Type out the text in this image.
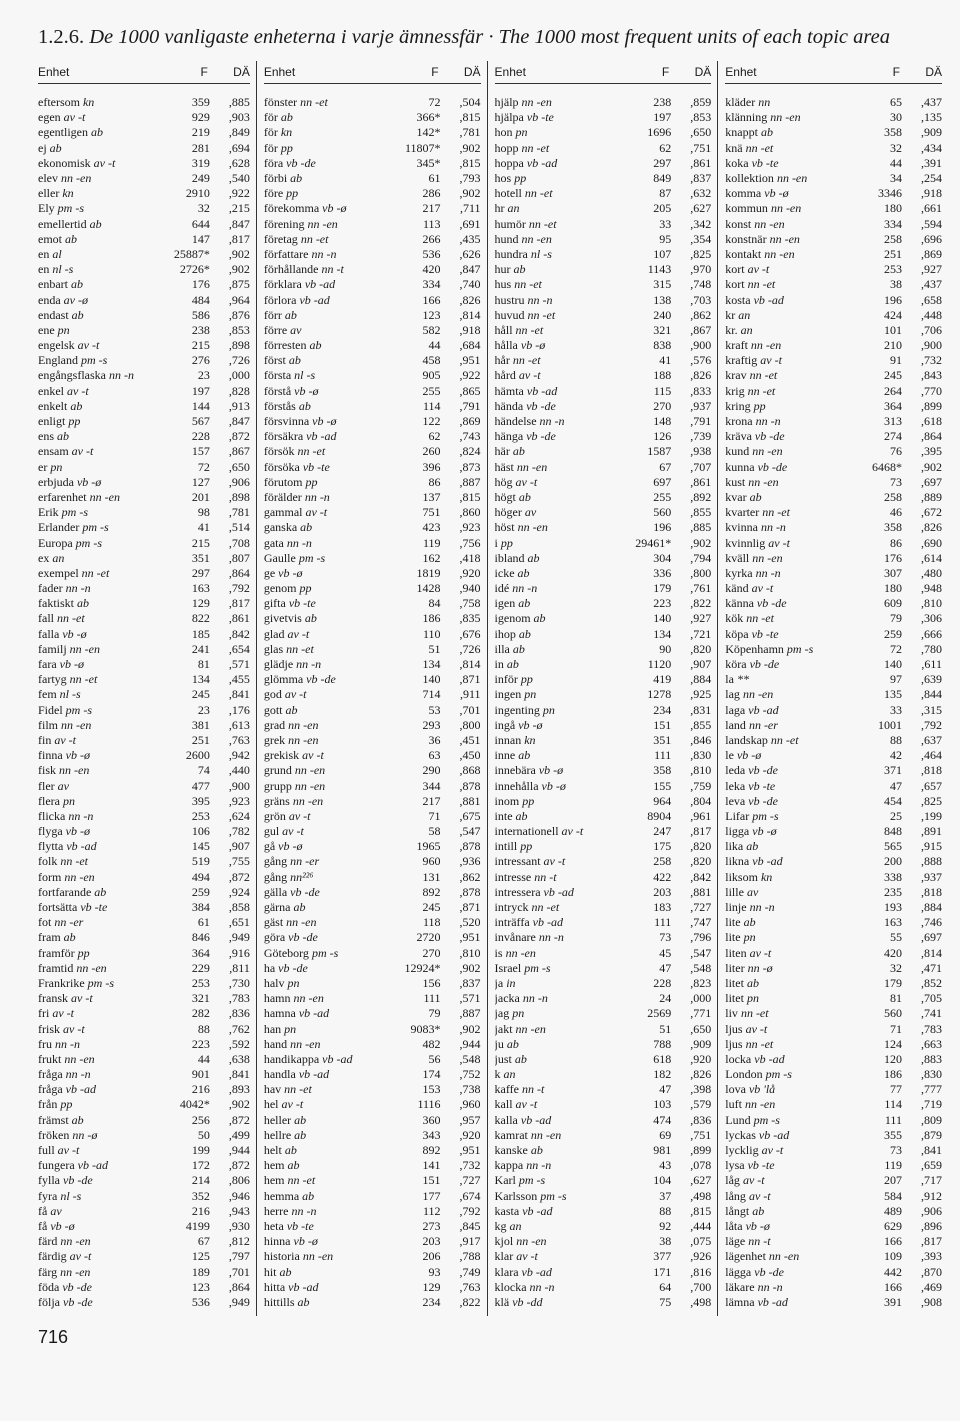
1.2.6. De 1000 vanligaste enheterna i varje ämnessfär · The 1000 most frequent units of each topic area
Enhet	F	DÄ
eftersom kn	359	,885
egen av -t	929	,903
egentligen ab	219	,849
ej ab	281	,694
ekonomisk av -t	319	,628
elev nn -en	249	,540
eller kn	2910	,922
Ely pm -s	32	,215
emellertid ab	644	,847
emot ab	147	,817
en al	25887*	,902
en nl -s	2726*	,902
enbart ab	176	,875
enda av -ø	484	,964
endast ab	586	,876
ene pn	238	,853
engelsk av -t	215	,898
England pm -s	276	,726
engångsflaska nn -n	23	,000
enkel av -t	197	,828
enkelt ab	144	,913
enligt pp	567	,847
ens ab	228	,872
ensam av -t	157	,867
er pn	72	,650
erbjuda vb -ø	127	,906
erfarenhet nn -en	201	,898
Erik pm -s	98	,781
Erlander pm -s	41	,514
Europa pm -s	215	,708
ex an	351	,807
exempel nn -et	297	,864
fader nn -n	163	,792
faktiskt ab	129	,817
fall nn -et	822	,861
falla vb -ø	185	,842
familj nn -en	241	,654
fara vb -ø	81	,571
fartyg nn -et	134	,455
fem nl -s	245	,841
Fidel pm -s	23	,176
film nn -en	381	,613
fin av -t	251	,763
finna vb -ø	2600	,942
fisk nn -en	74	,440
fler av	477	,900
flera pn	395	,923
flicka nn -n	253	,624
flyga vb -ø	106	,782
flytta vb -ad	145	,907
folk nn -et	519	,755
form nn -en	494	,872
fortfarande ab	259	,924
fortsätta vb -te	384	,858
fot nn -er	61	,651
fram ab	846	,949
framför pp	364	,916
framtid nn -en	229	,811
Frankrike pm -s	253	,730
fransk av -t	321	,783
fri av -t	282	,836
frisk av -t	88	,762
fru nn -n	223	,592
frukt nn -en	44	,638
fråga nn -n	901	,841
fråga vb -ad	216	,893
från pp	4042*	,902
främst ab	256	,872
fröken nn -ø	50	,499
full av -t	199	,944
fungera vb -ad	172	,872
fylla vb -de	214	,806
fyra nl -s	352	,946
få av	216	,943
få vb -ø	4199	,930
färd nn -en	67	,812
färdig av -t	125	,797
färg nn -en	189	,701
föda vb -de	123	,864
följa vb -de	536	,949
Enhet	F	DÄ
fönster nn -et	72	,504
för ab	366*	,815
för kn	142*	,781
för pp	11807*	,902
föra vb -de	345*	,815
förbi ab	61	,793
före pp	286	,902
förekomma vb -ø	217	,711
förening nn -en	113	,691
företag nn -et	266	,435
författare nn -n	536	,626
förhållande nn -t	420	,847
förklara vb -ad	334	,740
förlora vb -ad	166	,826
förr ab	123	,814
förre av	582	,918
förresten ab	44	,684
först ab	458	,951
första nl -s	905	,922
förstå vb -ø	255	,865
förstås ab	114	,791
försvinna vb -ø	122	,869
försäkra vb -ad	62	,743
försök nn -et	260	,824
försöka vb -te	396	,873
förutom pp	86	,887
förälder nn -n	137	,815
gammal av -t	751	,860
ganska ab	423	,923
gata nn -n	119	,756
Gaulle pm -s	162	,418
ge vb -ø	1819	,920
genom pp	1428	,940
gifta vb -te	84	,758
givetvis ab	186	,835
glad av -t	110	,676
glas nn -et	51	,726
glädje nn -n	134	,814
glömma vb -de	140	,871
god av -t	714	,911
gott ab	53	,701
grad nn -en	293	,800
grek nn -en	36	,451
grekisk av -t	63	,450
grund nn -en	290	,868
grupp nn -en	344	,878
gräns nn -en	217	,881
grön av -t	71	,675
gul av -t	58	,547
gå vb -ø	1965	,878
gång nn -er	960	,936
gång nn²²⁶	131	,862
gälla vb -de	892	,878
gärna ab	245	,871
gäst nn -en	118	,520
göra vb -de	2720	,951
Göteborg pm -s	270	,810
ha vb -de	12924*	,902
halv pn	156	,837
hamn nn -en	111	,571
hamna vb -ad	79	,887
han pn	9083*	,902
hand nn -en	482	,944
handikappa vb -ad	56	,548
handla vb -ad	174	,752
hav nn -et	153	,738
hel av -t	1116	,960
heller ab	360	,957
hellre ab	343	,920
helt ab	892	,951
hem ab	141	,732
hem nn -et	151	,727
hemma ab	177	,674
herre nn -n	112	,792
heta vb -te	273	,845
hinna vb -ø	203	,917
historia nn -en	206	,788
hit ab	93	,749
hitta vb -ad	129	,763
hittills ab	234	,822
Enhet	F	DÄ
hjälp nn -en	238	,859
hjälpa vb -te	197	,853
hon pn	1696	,650
hopp nn -et	62	,751
hoppa vb -ad	297	,861
hos pp	849	,837
hotell nn -et	87	,632
hr an	205	,627
humör nn -et	33	,342
hund nn -en	95	,354
hundra nl -s	107	,825
hur ab	1143	,970
hus nn -et	315	,748
hustru nn -n	138	,703
huvud nn -et	240	,862
håll nn -et	321	,867
hålla vb -ø	838	,900
hår nn -et	41	,576
hård av -t	188	,826
hämta vb -ad	115	,833
hända vb -de	270	,937
händelse nn -n	148	,791
hänga vb -de	126	,739
här ab	1587	,938
häst nn -en	67	,707
hög av -t	697	,861
högt ab	255	,892
höger av	560	,855
höst nn -en	196	,885
i pp	29461*	,902
ibland ab	304	,794
icke ab	336	,800
idé nn -n	179	,761
igen ab	223	,822
igenom ab	140	,927
ihop ab	134	,721
illa ab	90	,820
in ab	1120	,907
inför pp	419	,884
ingen pn	1278	,925
ingenting pn	234	,831
ingå vb -ø	151	,855
innan kn	351	,846
inne ab	111	,830
innebära vb -ø	358	,810
innehålla vb -ø	155	,759
inom pp	964	,804
inte ab	8904	,961
internationell av -t	247	,817
intill pp	175	,820
intressant av -t	258	,820
intresse nn -t	422	,842
intressera vb -ad	203	,881
intryck nn -et	183	,727
inträffa vb -ad	111	,747
invånare nn -n	73	,796
is nn -en	45	,547
Israel pm -s	47	,548
ja in	228	,823
jacka nn -n	24	,000
jag pn	2569	,771
jakt nn -en	51	,650
ju ab	788	,909
just ab	618	,920
k an	182	,826
kaffe nn -t	47	,398
kall av -t	103	,579
kalla vb -ad	474	,836
kamrat nn -en	69	,751
kanske ab	981	,899
kappa nn -n	43	,078
Karl pm -s	104	,627
Karlsson pm -s	37	,498
kasta vb -ad	88	,815
kg an	92	,444
kjol nn -en	38	,075
klar av -t	377	,926
klara vb -ad	171	,816
klocka nn -n	64	,700
klä vb -dd	75	,498
Enhet	F	DÄ
kläder nn	65	,437
klänning nn -en	30	,135
knappt ab	358	,909
knä nn -et	32	,434
koka vb -te	44	,391
kollektion nn -en	34	,254
komma vb -ø	3346	,918
kommun nn -en	180	,661
konst nn -en	334	,594
konstnär nn -en	258	,696
kontakt nn -en	251	,869
kort av -t	253	,927
kort nn -et	38	,437
kosta vb -ad	196	,658
kr an	424	,448
kr. an	101	,706
kraft nn -en	210	,900
kraftig av -t	91	,732
krav nn -et	245	,843
krig nn -et	264	,770
kring pp	364	,899
krona nn -n	313	,618
kräva vb -de	274	,864
kund nn -en	76	,395
kunna vb -de	6468*	,902
kust nn -en	73	,697
kvar ab	258	,889
kvarter nn -et	46	,672
kvinna nn -n	358	,826
kvinnlig av -t	86	,690
kväll nn -en	176	,614
kyrka nn -n	307	,480
känd av -t	180	,948
känna vb -de	609	,810
kök nn -et	79	,306
köpa vb -te	259	,666
Köpenhamn pm -s	72	,780
köra vb -de	140	,611
la **	97	,639
lag nn -en	135	,844
laga vb -ad	33	,315
land nn -er	1001	,792
landskap nn -et	88	,637
le vb -ø	42	,464
leda vb -de	371	,818
leka vb -te	47	,657
leva vb -de	454	,825
Lifar pm -s	25	,199
ligga vb -ø	848	,891
lika ab	565	,915
likna vb -ad	200	,888
liksom kn	338	,937
lille av	235	,818
linje nn -n	193	,884
lite ab	163	,746
lite pn	55	,697
liten av -t	420	,814
liter nn -ø	32	,471
litet ab	179	,852
litet pn	81	,705
liv nn -et	560	,741
ljus av -t	71	,783
ljus nn -et	124	,663
locka vb -ad	120	,883
London pm -s	186	,830
lova vb 'lå	77	,777
luft nn -en	114	,719
Lund pm -s	111	,809
lyckas vb -ad	355	,879
lycklig av -t	73	,841
lysa vb -te	119	,659
låg av -t	207	,717
lång av -t	584	,912
långt ab	489	,906
låta vb -ø	629	,896
läge nn -t	166	,817
lägenhet nn -en	109	,393
lägga vb -de	442	,870
läkare nn -n	166	,469
lämna vb -ad	391	,908
716
